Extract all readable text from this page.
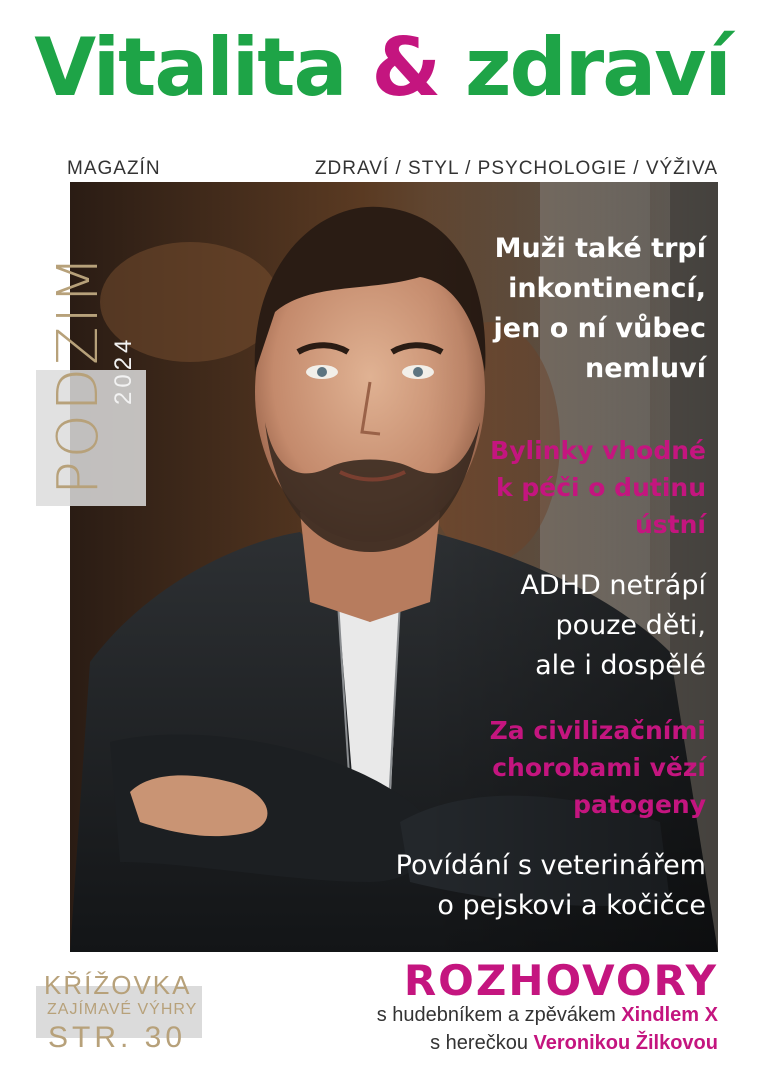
Vitalita & zdraví
MAGAZÍN	ZDRAVÍ / STYL / PSYCHOLOGIE / VÝŽIVA
PODZIM 2024
Muži také trpí
inkontinencí,
jen o ní vůbec
nemluví
Bylinky vhodné
k péči o dutinu
ústní
ADHD netrápí
pouze děti,
ale i dospělé
Za civilizačními
chorobami vězí
patogeny
Povídání s veterinářem
o pejskovi a kočičce
KŘÍŽOVKA
ZAJÍMAVÉ VÝHRY
STR. 30
ROZHOVORY
s hudebníkem a zpěvákem Xindlem X
s herečkou Veronikou Žilkovou
